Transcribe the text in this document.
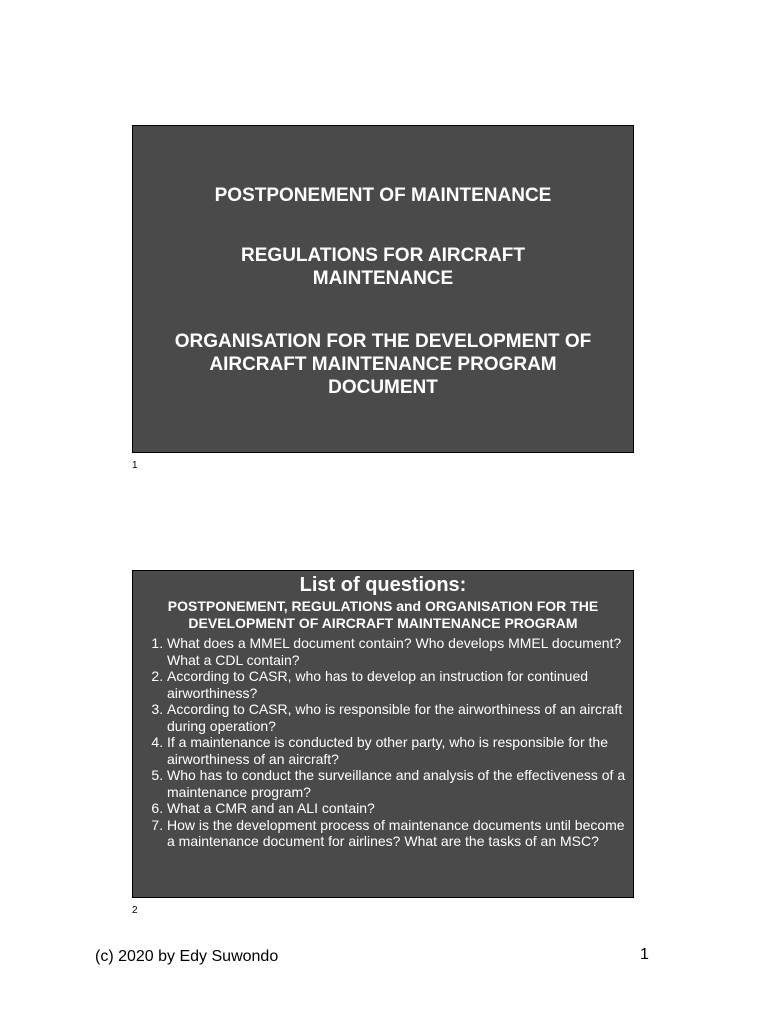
POSTPONEMENT OF MAINTENANCE

REGULATIONS FOR AIRCRAFT MAINTENANCE

ORGANISATION FOR THE DEVELOPMENT OF AIRCRAFT MAINTENANCE PROGRAM DOCUMENT

1

List of questions:

POSTPONEMENT, REGULATIONS and ORGANISATION FOR THE DEVELOPMENT OF AIRCRAFT MAINTENANCE PROGRAM

1. What does a MMEL document contain? Who develops MMEL document? What a CDL contain?
2. According to CASR, who has to develop an instruction for continued airworthiness?
3. According to CASR, who is responsible for the airworthiness of an aircraft during operation?
4. If a maintenance is conducted by other party, who is responsible for the airworthiness of an aircraft?
5. Who has to conduct the surveillance and analysis of the effectiveness of a maintenance program?
6. What a CMR and an ALI contain?
7. How is the development process of maintenance documents until become a maintenance document for airlines? What are the tasks of an MSC?
2
(c) 2020 by Edy Suwondo	1
